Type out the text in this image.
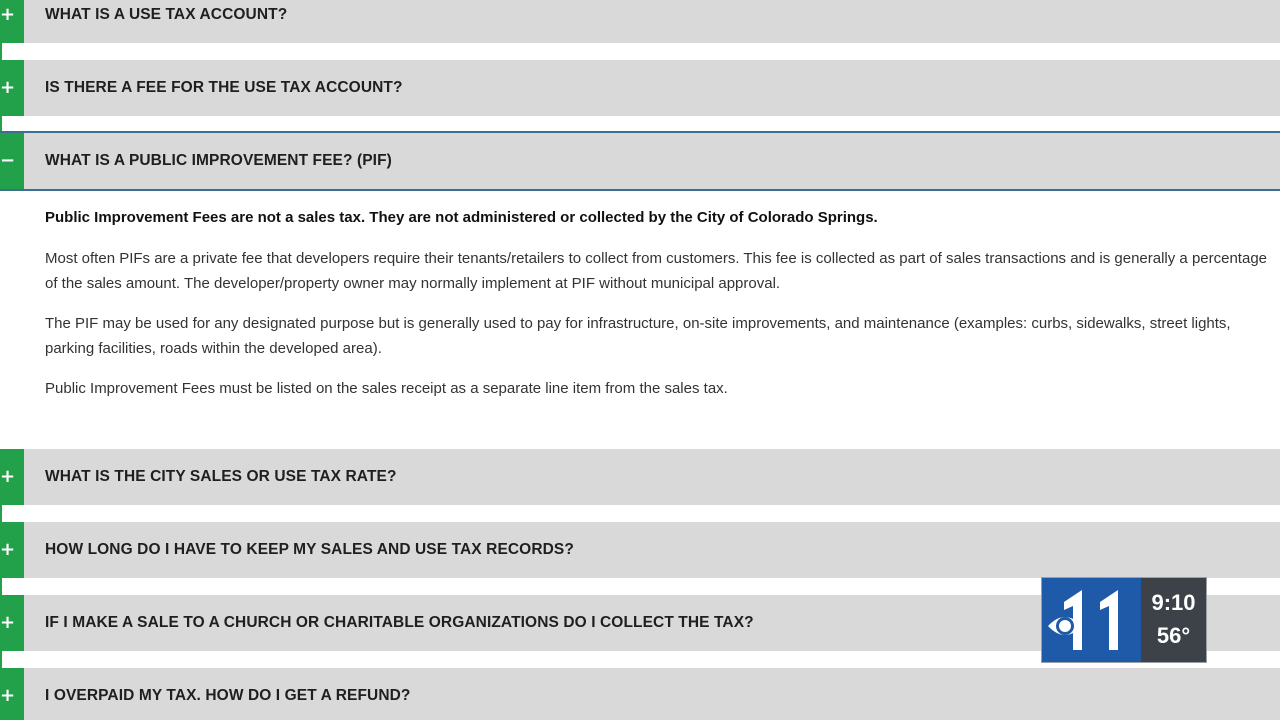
+ WHAT IS A USE TAX ACCOUNT?
+ IS THERE A FEE FOR THE USE TAX ACCOUNT?
− WHAT IS A PUBLIC IMPROVEMENT FEE? (PIF)

Public Improvement Fees are not a sales tax. They are not administered or collected by the City of Colorado Springs.

Most often PIFs are a private fee that developers require their tenants/retailers to collect from customers. This fee is collected as part of sales transactions and is generally a percentage of the sales amount. The developer/property owner may normally implement at PIF without municipal approval.

The PIF may be used for any designated purpose but is generally used to pay for infrastructure, on-site improvements, and maintenance (examples: curbs, sidewalks, street lights, parking facilities, roads within the developed area).

Public Improvement Fees must be listed on the sales receipt as a separate line item from the sales tax.

+ WHAT IS THE CITY SALES OR USE TAX RATE?
+ HOW LONG DO I HAVE TO KEEP MY SALES AND USE TAX RECORDS?
+ IF I MAKE A SALE TO A CHURCH OR CHARITABLE ORGANIZATIONS DO I COLLECT THE TAX?
+ I OVERPAID MY TAX. HOW DO I GET A REFUND?
9:10
56°
